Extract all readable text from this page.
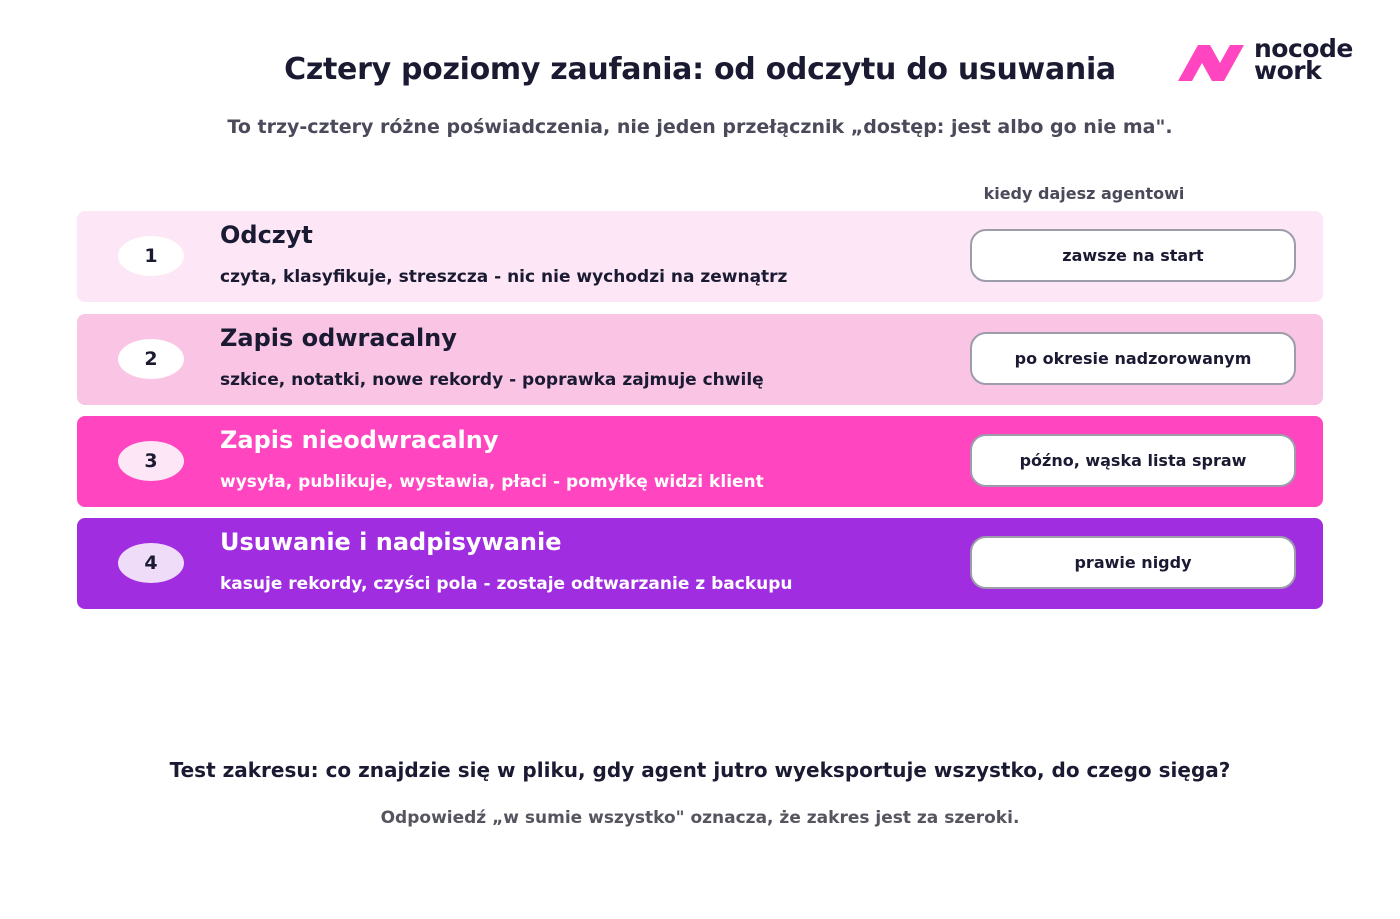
Cztery poziomy zaufania: od odczytu do usuwania
To trzy-cztery różne poświadczenia, nie jeden przełącznik „dostęp: jest albo go nie ma".
nocode
work
kiedy dajesz agentowi
1
Odczyt
czyta, klasyfikuje, streszcza - nic nie wychodzi na zewnątrz
zawsze na start
2
Zapis odwracalny
szkice, notatki, nowe rekordy - poprawka zajmuje chwilę
po okresie nadzorowanym
3
Zapis nieodwracalny
wysyła, publikuje, wystawia, płaci - pomyłkę widzi klient
późno, wąska lista spraw
4
Usuwanie i nadpisywanie
kasuje rekordy, czyści pola - zostaje odtwarzanie z backupu
prawie nigdy
Test zakresu: co znajdzie się w pliku, gdy agent jutro wyeksportuje wszystko, do czego sięga?
Odpowiedź „w sumie wszystko" oznacza, że zakres jest za szeroki.
